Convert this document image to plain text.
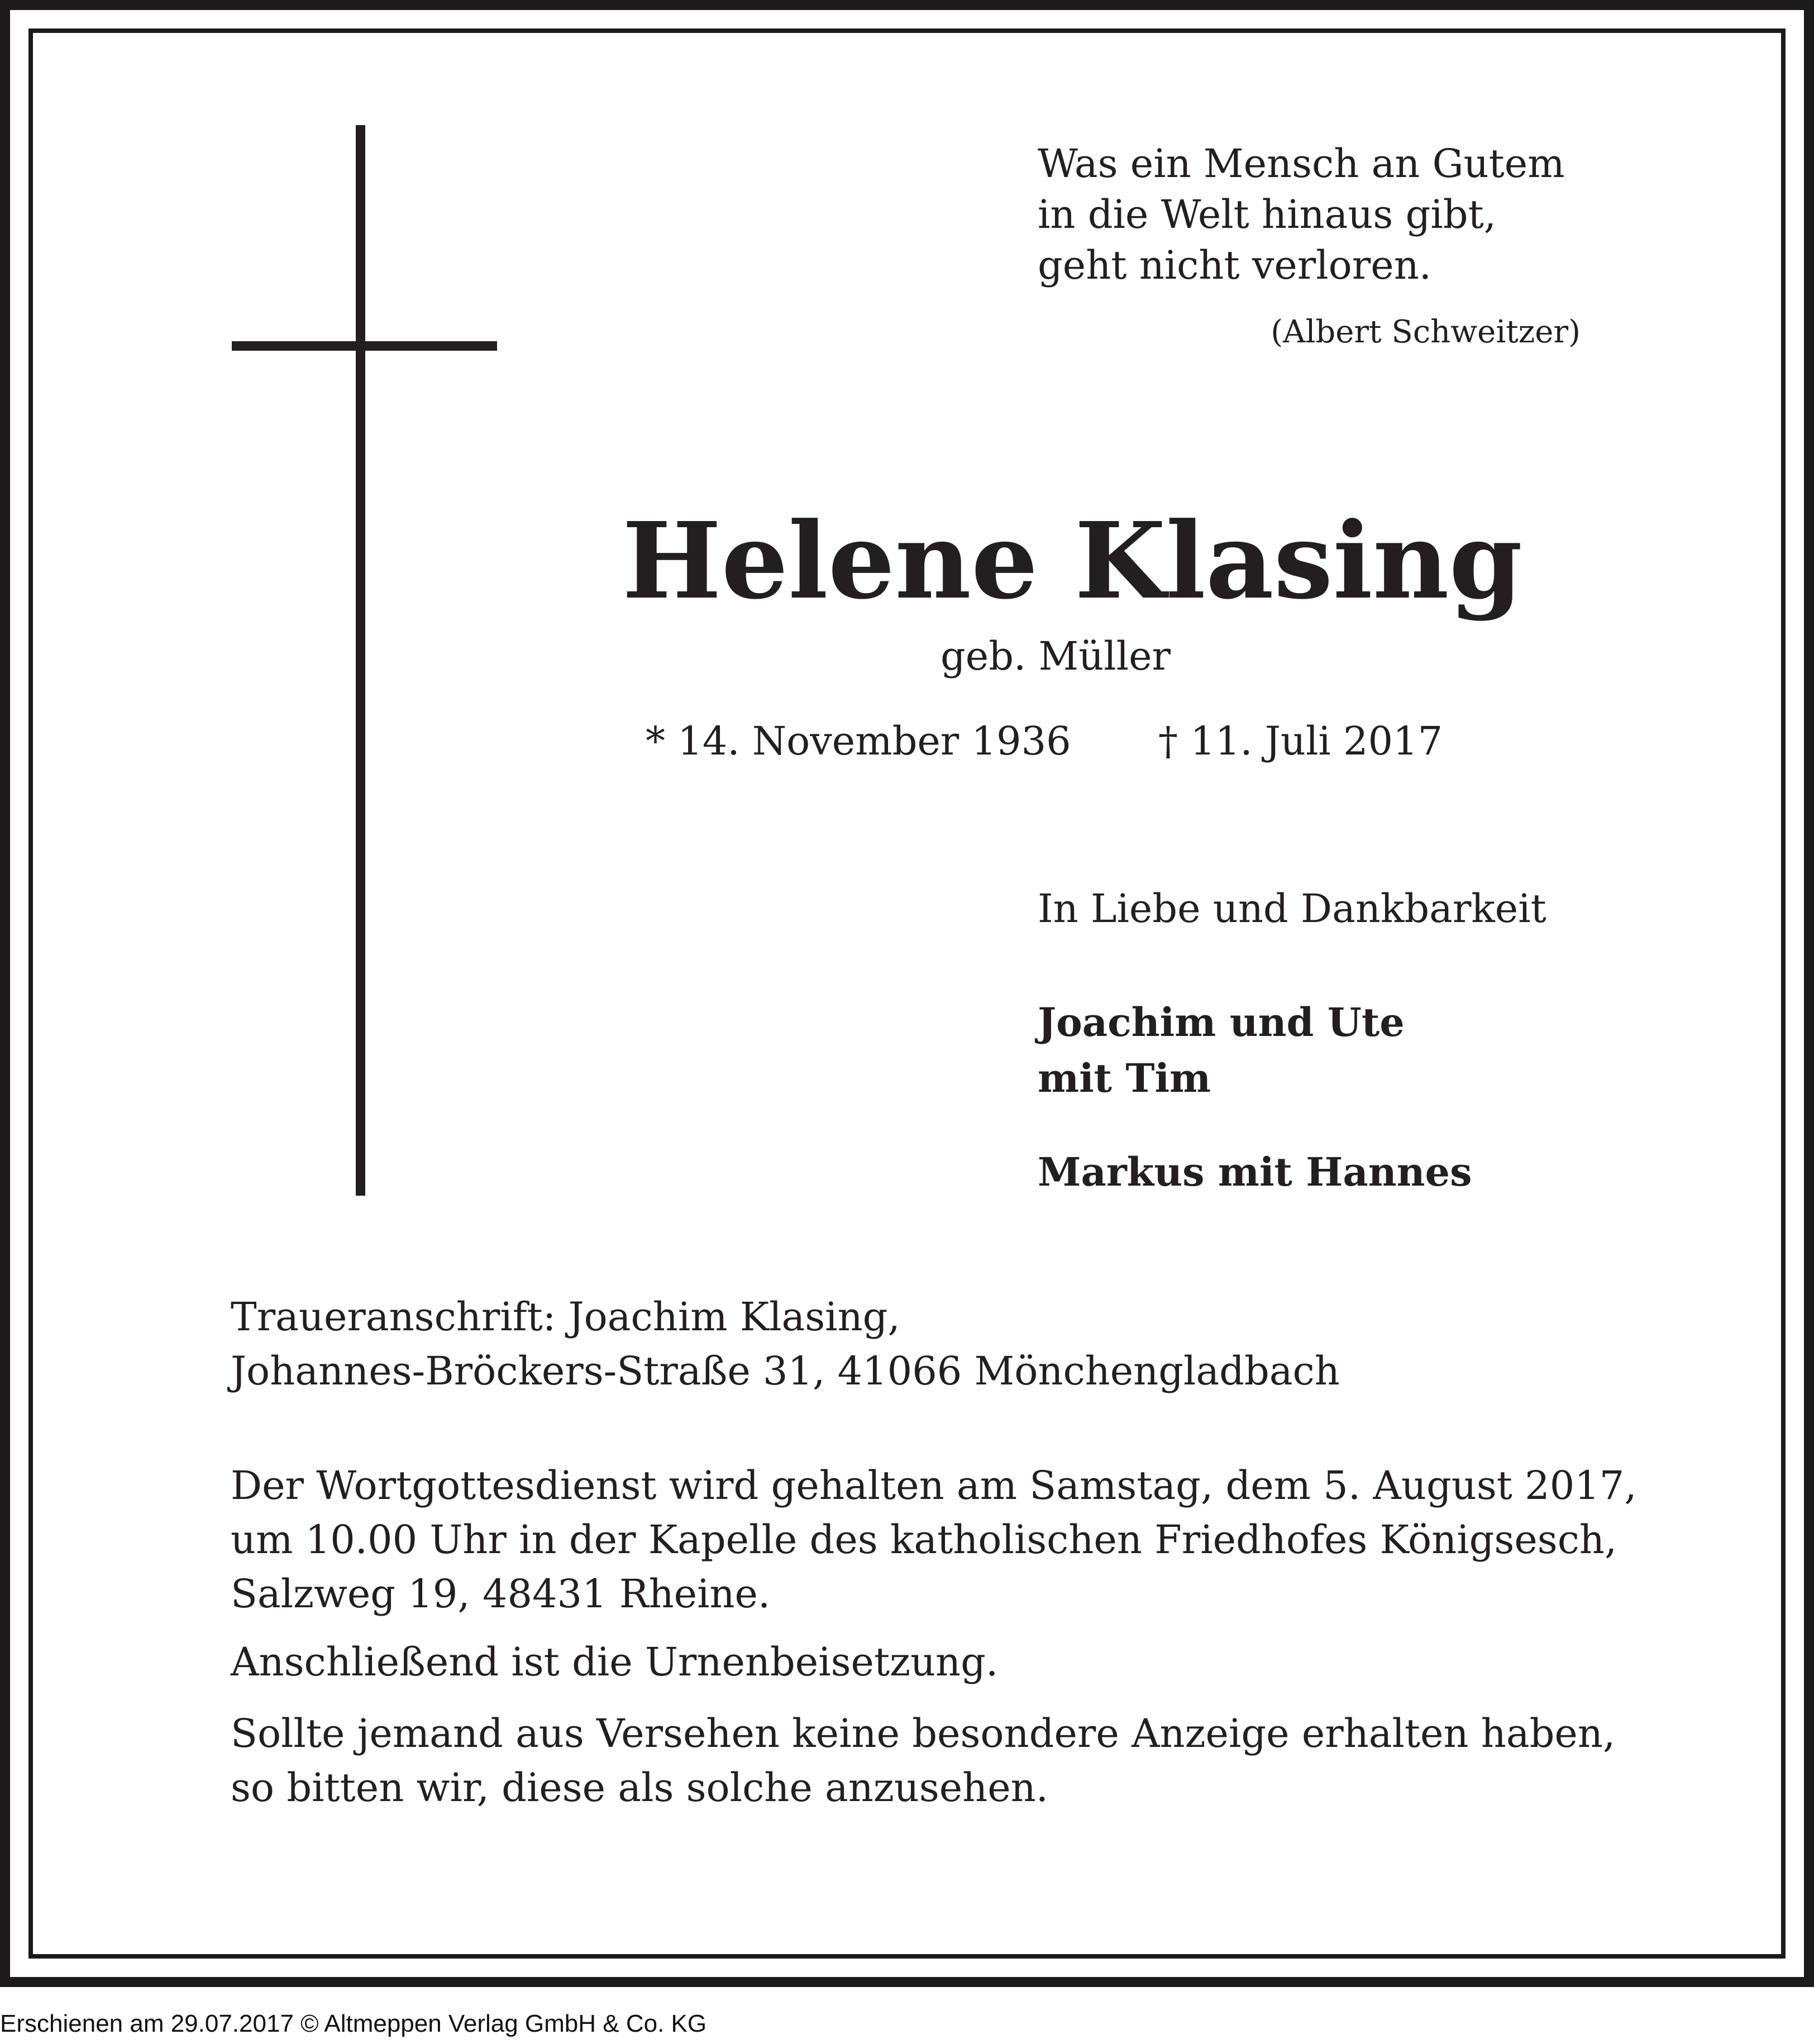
Was ein Mensch an Gutem
in die Welt hinaus gibt,
geht nicht verloren.
(Albert Schweitzer)
Helene Klasing
geb. Müller
* 14. November 1936 † 11. Juli 2017
In Liebe und Dankbarkeit
Joachim und Ute
mit Tim
Markus mit Hannes
Traueranschrift: Joachim Klasing,
Johannes-Bröckers-Straße 31, 41066 Mönchengladbach
Der Wortgottesdienst wird gehalten am Samstag, dem 5. August 2017,
um 10.00 Uhr in der Kapelle des katholischen Friedhofes Königsesch,
Salzweg 19, 48431 Rheine.
Anschließend ist die Urnenbeisetzung.
Sollte jemand aus Versehen keine besondere Anzeige erhalten haben,
so bitten wir, diese als solche anzusehen.
Erschienen am 29.07.2017 © Altmeppen Verlag GmbH & Co. KG
